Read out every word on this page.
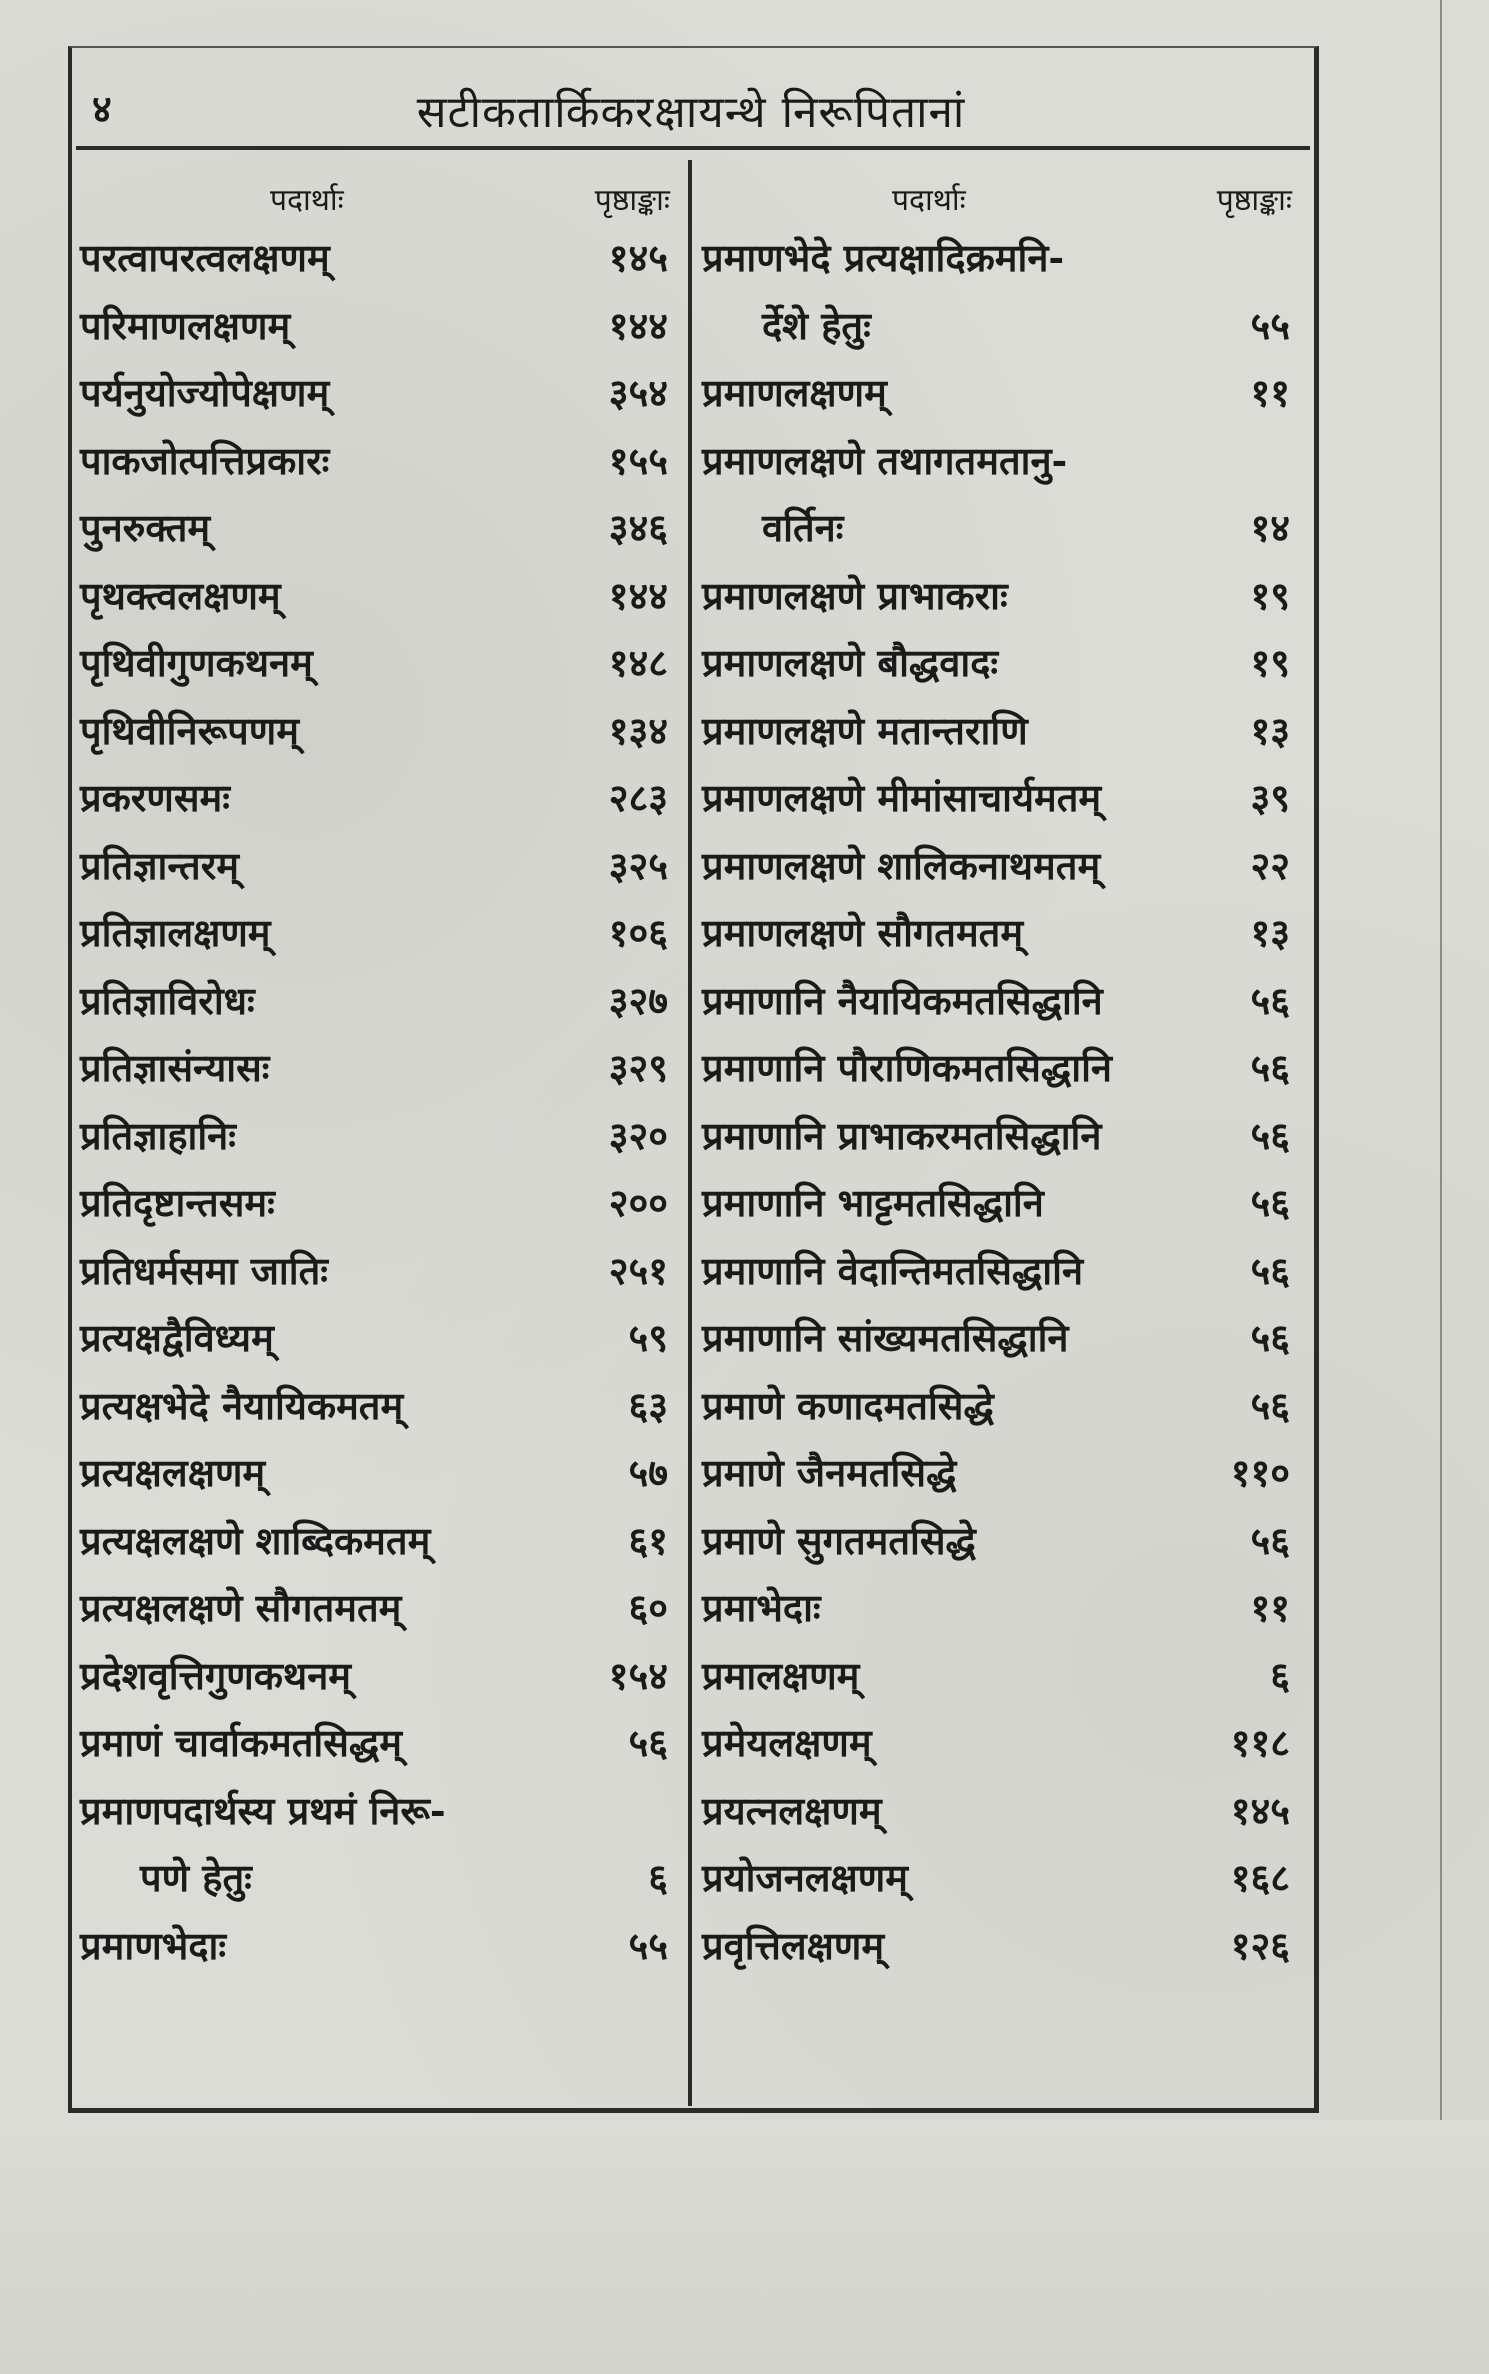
४	सटीकतार्किकरक्षायन्थे निरूपितानां
पदार्थाः	पृष्ठाङ्काः
परत्वापरत्वलक्षणम्	१४५
परिमाणलक्षणम्	१४४
पर्यनुयोज्योपेक्षणम्	३५४
पाकजोत्पत्तिप्रकारः	१५५
पुनरुक्तम्	३४६
पृथक्त्वलक्षणम्	१४४
पृथिवीगुणकथनम्	१४८
पृथिवीनिरूपणम्	१३४
प्रकरणसमः	२८३
प्रतिज्ञान्तरम्	३२५
प्रतिज्ञालक्षणम्	१०६
प्रतिज्ञाविरोधः	३२७
प्रतिज्ञासंन्यासः	३२९
प्रतिज्ञाहानिः	३२०
प्रतिदृष्टान्तसमः	२००
प्रतिधर्मसमा जातिः	२५१
प्रत्यक्षद्वैविध्यम्	५९
प्रत्यक्षभेदे नैयायिकमतम्	६३
प्रत्यक्षलक्षणम्	५७
प्रत्यक्षलक्षणे शाब्दिकमतम्	६१
प्रत्यक्षलक्षणे सौगतमतम्	६०
प्रदेशवृत्तिगुणकथनम्	१५४
प्रमाणं चार्वाकमतसिद्धम्	५६
प्रमाणपदार्थस्य प्रथमं निरू-
पणे हेतुः	६
प्रमाणभेदाः	५५
पदार्थाः	पृष्ठाङ्काः
प्रमाणभेदे प्रत्यक्षादिक्रमनि-
र्देशे हेतुः	५५
प्रमाणलक्षणम्	११
प्रमाणलक्षणे तथागतमतानु-
वर्तिनः	१४
प्रमाणलक्षणे प्राभाकराः	१९
प्रमाणलक्षणे बौद्धवादः	१९
प्रमाणलक्षणे मतान्तराणि	१३
प्रमाणलक्षणे मीमांसाचार्यमतम्	३९
प्रमाणलक्षणे शालिकनाथमतम्	२२
प्रमाणलक्षणे सौगतमतम्	१३
प्रमाणानि नैयायिकमतसिद्धानि	५६
प्रमाणानि पौराणिकमतसिद्धानि	५६
प्रमाणानि प्राभाकरमतसिद्धानि	५६
प्रमाणानि भाट्टमतसिद्धानि	५६
प्रमाणानि वेदान्तिमतसिद्धानि	५६
प्रमाणानि सांख्यमतसिद्धानि	५६
प्रमाणे कणादमतसिद्धे	५६
प्रमाणे जैनमतसिद्धे	११०
प्रमाणे सुगतमतसिद्धे	५६
प्रमाभेदाः	११
प्रमालक्षणम्	६
प्रमेयलक्षणम्	११८
प्रयत्नलक्षणम्	१४५
प्रयोजनलक्षणम्	१६८
प्रवृत्तिलक्षणम्	१२६
